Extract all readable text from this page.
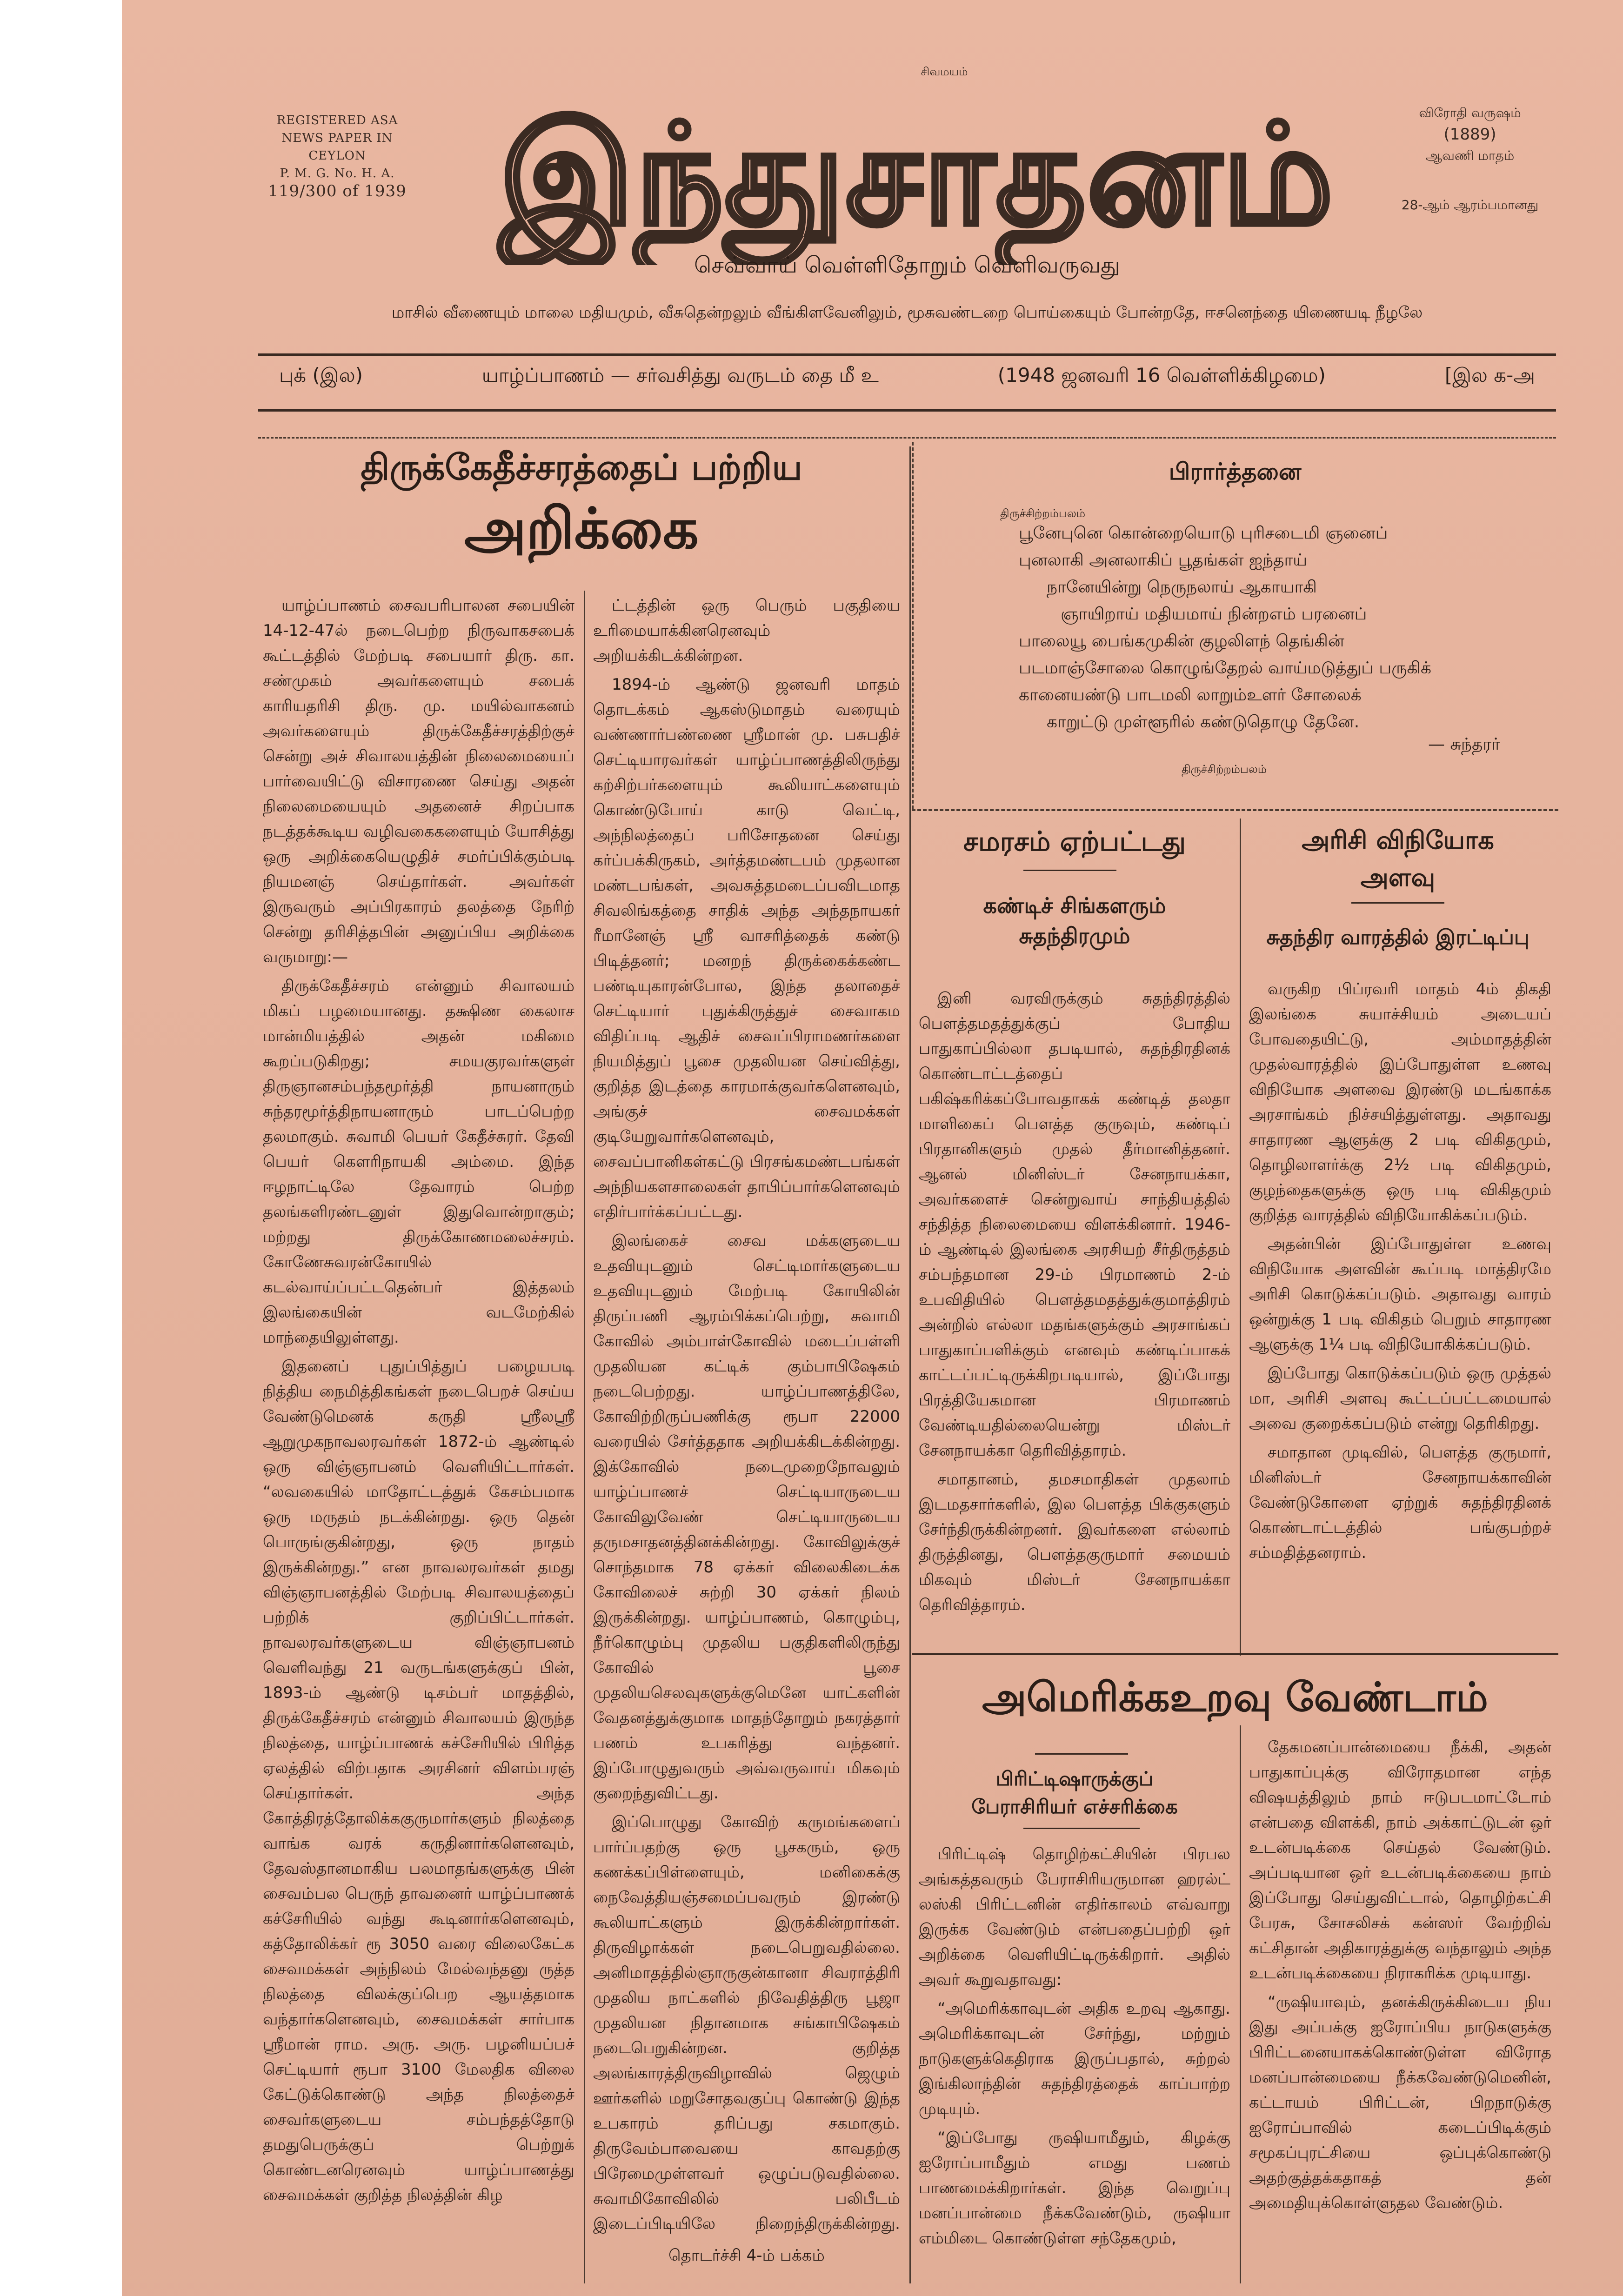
REGISTERED ASA
NEWS PAPER IN
CEYLON
P. M. G. No. H. A.
119/300 of 1939
சிவமயம்
இந்துசாதனம்	விரோதி வருஷம்
(1889)
ஆவணி மாதம்
28-ஆம் ஆரம்பமானது
செவ்வாய் வெள்ளிதோறும் வெளிவருவது
மாசில் வீணையும் மாலை மதியமும், வீசுதென்றலும் வீங்கிளவேனிலும், மூசுவண்டறை பொய்கையும் போன்றதே, ஈசனெந்தை யிணையடி நீழலே
புக் (இல)	யாழ்ப்பாணம் — சர்வசித்து வருடம் தை மீ உ	(1948 ஜனவரி 16 வெள்ளிக்கிழமை)	[இல க-அ
திருக்கேதீச்சரத்தைப் பற்றிய
அறிக்கை

யாழ்ப்பாணம் சைவபரிபாலன சபையின் 14-12-47ல் நடைபெற்ற நிருவாகசபைக் கூட்டத்தில் மேற்படி சபையார் திரு. கா. சண்முகம் அவர்களையும் சபைக் காரியதரிசி திரு. மு. மயில்வாகனம் அவர்களையும் திருக்கேதீச்சரத்திற்குச் சென்று அச் சிவாலயத்தின் நிலைமையைப் பார்வையிட்டு விசாரணை செய்து அதன் நிலைமையையும் அதனைச் சிறப்பாக நடத்தக்கூடிய வழிவகைகளையும் யோசித்து ஒரு அறிக்கையெழுதிச் சமர்ப்பிக்கும்படி நியமனஞ் செய்தார்கள். அவர்கள் இருவரும் அப்பிரகாரம் தலத்தை நேரிற் சென்று தரிசித்தபின் அனுப்பிய அறிக்கை வருமாறு:—

திருக்கேதீச்சரம் என்னும் சிவாலயம் மிகப் பழமையானது. தக்ஷிண கைலாச மான்மியத்தில் அதன் மகிமை கூறப்படுகிறது; சமயகுரவர்களுள் திருஞானசம்பந்தமூர்த்தி நாயனாரும் சுந்தரமூர்த்திநாயனாரும் பாடப்பெற்ற தலமாகும். சுவாமி பெயர் கேதீச்சுரர். தேவி பெயர் கௌரிநாயகி அம்மை. இந்த ஈழநாட்டிலே தேவாரம் பெற்ற தலங்களிரண்டனுள் இதுவொன்றாகும்; மற்றது திருக்கோணமலைச்சரம். கோணேசுவரன்கோயில் கடல்வாய்ப்பட்டதென்பர் இத்தலம் இலங்கையின் வடமேற்கில் மாந்தையிலுள்ளது.

இதனைப் புதுப்பித்துப் பழையபடி நித்திய நைமித்திகங்கள் நடைபெறச் செய்ய வேண்டுமெனக் கருதி ஸ்ரீலஸ்ரீ ஆறுமுகநாவலரவர்கள் 1872-ம் ஆண்டில் ஒரு விஞ்ஞாபனம் வெளியிட்டார்கள். “லவகையில் மாதோட்டத்துக் கேசம்பமாக ஒரு மருதம் நடக்கின்றது. ஒரு தென் பொருங்குகின்றது, ஒரு நாதம் இருக்கின்றது.” என நாவலரவர்கள் தமது விஞ்ஞாபனத்தில் மேற்படி சிவாலயத்தைப் பற்றிக் குறிப்பிட்டார்கள். நாவலரவர்களுடைய விஞ்ஞாபனம் வெளிவந்து 21 வருடங்களுக்குப் பின், 1893-ம் ஆண்டு டிசம்பர் மாதத்தில், திருக்கேதீச்சரம் என்னும் சிவாலயம் இருந்த நிலத்தை, யாழ்ப்பாணக் கச்சேரியில் பிரித்த ஏலத்தில் விற்பதாக அரசினர் விளம்பரஞ் செய்தார்கள். அந்த கோத்திரத்தோலிக்ககுருமார்களும் நிலத்தை வாங்க வரக் கருதினார்களெனவும், தேவஸ்தானமாகிய பலமாதங்களுக்கு பின் சைவம்பல பெருந் தாவனைர் யாழ்ப்பாணக் கச்சேரியில் வந்து கூடினார்களெனவும், கத்தோலிக்கர் ரூ 3050 வரை விலைகேட்க சைவமக்கள் அந்நிலம் மேல்வந்தனு ருத்த நிலத்தை விலக்குப்பெற ஆயத்தமாக வந்தார்களெனவும், சைவமக்கள் சார்பாக ஸ்ரீமான் ராம. அரு. அரு. பழனியப்பச் செட்டியார் ரூபா 3100 மேலதிக விலை கேட்டுக்கொண்டு அந்த நிலத்தைச் சைவர்களுடைய சம்பந்தத்தோடு தமதுபெருக்குப் பெற்றுக் கொண்டனரெனவும் யாழ்ப்பாணத்து சைவமக்கள் குறித்த நிலத்தின் கிழ

ட்டத்தின் ஒரு பெரும் பகுதியை உரிமையாக்கினரெனவும் அறியக்கிடக்கின்றன.

1894-ம் ஆண்டு ஜனவரி மாதம் தொடக்கம் ஆகஸ்டுமாதம் வரையும் வண்ணார்பண்ணை ஸ்ரீமான் மு. பசுபதிச் செட்டியாரவர்கள் யாழ்ப்பாணத்திலிருந்து கற்சிற்பர்களையும் கூலியாட்களையும் கொண்டுபோய் காடு வெட்டி, அந்நிலத்தைப் பரிசோதனை செய்து கர்ப்பக்கிருகம், அர்த்தமண்டபம் முதலான மண்டபங்கள், அவசுத்தமடைப்பவிடமாத சிவலிங்கத்தை சாதிக் அந்த அந்தநாயகர் ரீமானேஞ் ஸ்ரீ வாசரித்தைக் கண்டு பிடித்தனர்; மனறந் திருக்கைக்கண்ட பண்டியுகாரன்போல, இந்த தலாதைச் செட்டியார் புதுக்கிருத்துச் சைவாகம விதிப்படி ஆதிச் சைவப்பிராமணர்களை நியமித்துப் பூசை முதலியன செய்வித்து, குறித்த இடத்தை காரமாக்குவர்களெனவும், அங்குச் சைவமக்கள் குடியேறுவார்களெனவும், சைவப்பானிகள்கட்டு பிரசங்கமண்டபங்கள் அந்நியகளசாலைகள் தாபிப்பார்களெனவும் எதிர்பார்க்கப்பட்டது.

இலங்கைச் சைவ மக்களுடைய உதவியுடனும் செட்டிமார்களுடைய உதவியுடனும் மேற்படி கோயிலின் திருப்பணி ஆரம்பிக்கப்பெற்று, சுவாமி கோவில் அம்பாள்கோவில் மடைப்பள்ளி முதலியன கட்டிக் கும்பாபிஷேகம் நடைபெற்றது. யாழ்ப்பாணத்திலே, கோவிற்றிருப்பணிக்கு ரூபா 22000 வரையில் சேர்த்ததாக அறியக்கிடக்கின்றது. இக்கோவில் நடைமுறைநோவலும் யாழ்ப்பாணச் செட்டியாருடைய கோவிலுவேண் செட்டியாருடைய தருமசாதனத்தினக்கின்றது. கோவிலுக்குச் சொந்தமாக 78 ஏக்கர் விலைகிடைக்க கோவிலைச் சுற்றி 30 ஏக்கர் நிலம் இருக்கின்றது. யாழ்ப்பாணம், கொழும்பு, நீர்கொழும்பு முதலிய பகுதிகளிலிருந்து கோவில் பூசை முதலியசெலவுகளுக்குமெனே யாட்களின் வேதனத்துக்குமாக மாதந்தோறும் நகரத்தார் பணம் உபகரித்து வந்தனர். இப்போழுதுவரும் அவ்வருவாய் மிகவும் குறைந்துவிட்டது.

இப்பொழுது கோவிற் கருமங்களைப் பார்ப்பதற்கு ஒரு பூசகரும், ஒரு கணக்கப்பிள்ளையும், மனிகைக்கு நைவேத்தியஞ்சமைப்பவரும் இரண்டு கூலியாட்களும் இருக்கின்றார்கள். திருவிழாக்கள் நடைபெறுவதில்லை. அனிமாதத்தில்ஞாருகுன்கானா சிவராத்திரி முதலிய நாட்களில் நிவேதித்திரு பூஜா முதலியன நிதானமாக சங்காபிஷேகம் நடைபெறுகின்றன. குறித்த அலங்காரத்திருவிழாவில் ஜெழும் ஊர்களில் மறுசோதவகுப்பு கொண்டு இந்த உபகாரம் தரிப்பது சகமாகும். திருவேம்பாவையை காவதற்கு பிரேமைமுள்ளவர் ஒழுப்படுவதில்லை. சுவாமிகோவிலில் பலிபீடம் இடைப்பிடியிலே நிறைந்திருக்கின்றது.

தொடர்ச்சி 4-ம் பக்கம்
பிரார்த்தனை
திருச்சிற்றம்பலம்
பூனேபுனெ கொன்றையொடு புரிசடைமி ஞனைப்
புனலாகி அனலாகிப் பூதங்கள் ஐந்தாய்
நானேயின்று நெருநலாய் ஆகாயாகி
ஞாயிறாய் மதியமாய் நின்றஎம் பரனைப்
பாலையூ பைங்கமுகின் குழலிளந் தெங்கின்
படமாஞ்சோலை கொழுங்தேறல் வாய்மடுத்துப் பருகிக்
கானையண்டு பாடமலி லாறும்உளர் சோலைக்
காறுட்டு முள்ளூரில் கண்டுதொழு தேனே.
— சுந்தரர்
திருச்சிற்றம்பலம்
சமரசம் ஏற்பட்டது
கண்டிச் சிங்களரும்
சுதந்திரமும்

இனி வரவிருக்கும் சுதந்திரத்தில் பௌத்தமதத்துக்குப் போதிய பாதுகாப்பில்லா தபடியால், சுதந்திரதினக் கொண்டாட்டத்தைப் பகிஷ்கரிக்கப்போவதாகக் கண்டித் தலதா மாளிகைப் பௌத்த குருவும், கண்டிப் பிரதானிகளும் முதல் தீர்மானித்தனர். ஆனல் மினிஸ்டர் சேனநாயக்கா, அவர்களைச் சென்றுவாய் சாந்தியத்தில் சந்தித்த நிலைமையை விளக்கினார். 1946-ம் ஆண்டில் இலங்கை அரசியற் சீர்திருத்தம் சம்பந்தமான 29-ம் பிரமாணம் 2-ம் உபவிதியில் பௌத்தமதத்துக்குமாத்திரம் அன்றில் எல்லா மதங்களுக்கும் அரசாங்கப் பாதுகாப்பளிக்கும் எனவும் கண்டிப்பாகக் காட்டப்பட்டிருக்கிறபடியால், இப்போது பிரத்தியேகமான பிரமாணம் வேண்டியதில்லையென்று மிஸ்டர் சேனநாயக்கா தெரிவித்தாரம்.

சமாதானம், தமசமாதிகள் முதலாம் இடமதசார்களில், இல பௌத்த பிக்குகளும் சேர்ந்திருக்கின்றனர். இவர்களை எல்லாம் திருத்தினது, பௌத்தகுருமார் சமையம் மிகவும் மிஸ்டர் சேனநாயக்கா தெரிவித்தாரம்.

அரிசி விநியோக
அளவு
சுதந்திர வாரத்தில் இரட்டிப்பு

வருகிற பிப்ரவரி மாதம் 4ம் திகதி இலங்கை சுயாச்சியம் அடையப் போவதையிட்டு, அம்மாதத்தின் முதல்வாரத்தில் இப்போதுள்ள உணவு விநியோக அளவை இரண்டு மடங்காக்க அரசாங்கம் நிச்சயித்துள்ளது. அதாவது சாதாரண ஆளுக்கு 2 படி விகிதமும், தொழிலாளர்க்கு 2½ படி விகிதமும், குழந்தைகளுக்கு ஒரு படி விகிதமும் குறித்த வாரத்தில் விநியோகிக்கப்படும்.

அதன்பின் இப்போதுள்ள உணவு விநியோக அளவின் கூப்படி மாத்திரமே அரிசி கொடுக்கப்படும். அதாவது வாரம் ஒன்றுக்கு 1 படி விகிதம் பெறும் சாதாரண ஆளுக்கு 1¼ படி விநியோகிக்கப்படும்.

இப்போது கொடுக்கப்படும் ஒரு முத்தல் மா, அரிசி அளவு கூட்டப்பட்டமையால் அவை குறைக்கப்படும் என்று தெரிகிறது.

சமாதான முடிவில், பௌத்த குருமார், மினிஸ்டர் சேனநாயக்காவின் வேண்டுகோளை ஏற்றுக் சுதந்திரதினக் கொண்டாட்டத்தில் பங்குபற்றச் சம்மதித்தனராம்.

அமெரிக்கஉறவு வேண்டாம்
பிரிட்டிஷாருக்குப்
பேராசிரியர் எச்சரிக்கை

பிரிட்டிஷ் தொழிற்கட்சியின் பிரபல அங்கத்தவரும் பேராசிரியருமான ஹரல்ட் லஸ்கி பிரிட்டனின் எதிர்காலம் எவ்வாறு இருக்க வேண்டும் என்பதைப்பற்றி ஒர் அறிக்கை வெளியிட்டிருக்கிறார். அதில் அவர் கூறுவதாவது:

“அமெரிக்காவுடன் அதிக உறவு ஆகாது. அமெரிக்காவுடன் சேர்ந்து, மற்றும் நாடுகளுக்கெதிராக இருப்பதால், சுற்றல் இங்கிலாந்தின் சுதந்திரத்தைக் காப்பாற்ற முடியும்.

“இப்போது ருஷியாமீதும், கிழக்கு ஐரோப்பாமீதும் எமது பணம் பாணமைக்கிறார்கள். இந்த வெறுப்பு மனப்பான்மை நீக்கவேண்டும், ருஷியா எம்மிடை கொண்டுள்ள சந்தேகமும்,

தேகமனப்பான்மையை நீக்கி, அதன் பாதுகாப்புக்கு விரோதமான எந்த விஷயத்திலும் நாம் ஈடுபடமாட்டோம் என்பதை விளக்கி, நாம் அக்காட்டுடன் ஒர் உடன்படிக்கை செய்தல் வேண்டும். அப்படியான ஒர் உடன்படிக்கையை நாம் இப்போது செய்துவிட்டால், தொழிற்கட்சி பேரசு, சோசலிசக் கன்ஸர் வேற்றிவ் கட்சிதான் அதிகாரத்துக்கு வந்தாலும் அந்த உடன்படிக்கையை நிராகரிக்க முடியாது.

“ருஷியாவும், தனக்கிருக்கிடைய நிய இது அப்பக்கு ஐரோப்பிய நாடுகளுக்கு பிரிட்டனையாகக்கொண்டுள்ள விரோத மனப்பான்மையை நீக்கவேண்டுமெனின், கட்டாயம் பிரிட்டன், பிறநாடுக்கு ஐரோப்பாவில் கடைப்பிடிக்கும் சமூகப்புரட்சியை ஒப்புக்கொண்டு அதற்குத்தக்கதாகத் தன் அமைதியுக்கொள்ளுதல வேண்டும்.
